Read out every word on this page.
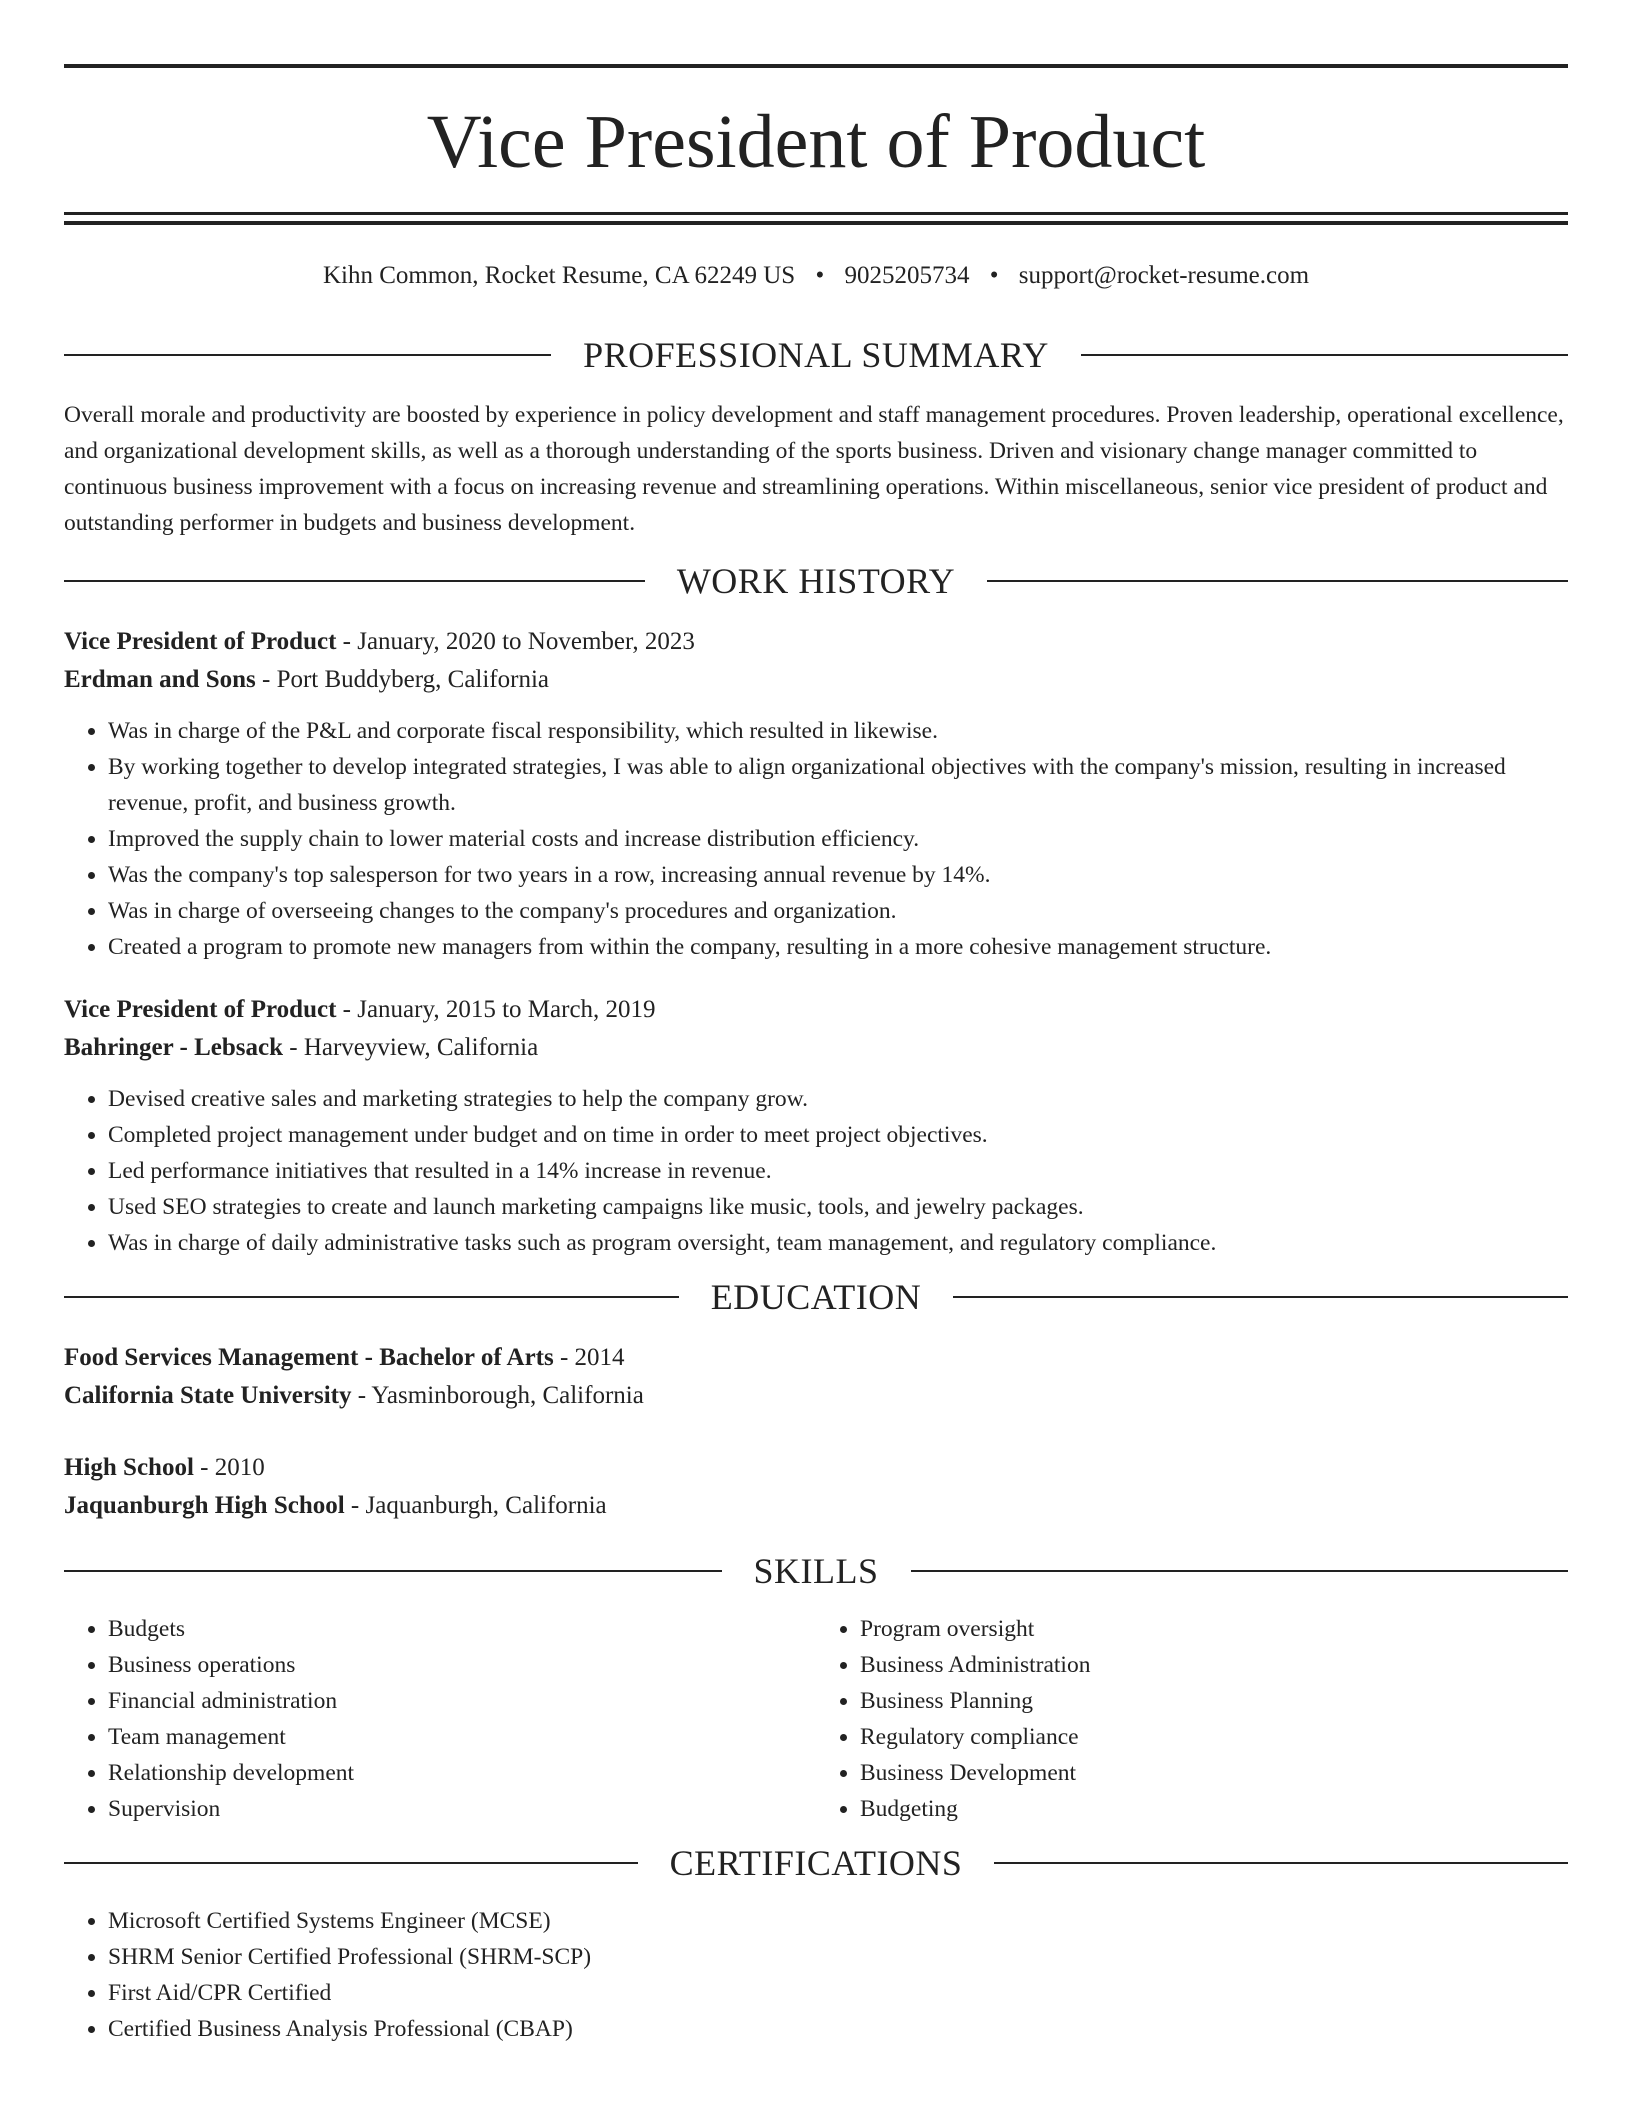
Vice President of Product
Kihn Common, Rocket Resume, CA 62249 US • 9025205734 • support@rocket-resume.com
PROFESSIONAL SUMMARY

Overall morale and productivity are boosted by experience in policy development and staff management procedures. Proven leadership, operational excellence, and organizational development skills, as well as a thorough understanding of the sports business. Driven and visionary change manager committed to continuous business improvement with a focus on increasing revenue and streamlining operations. Within miscellaneous, senior vice president of product and outstanding performer in budgets and business development.

WORK HISTORY
Vice President of Product - January, 2020 to November, 2023
Erdman and Sons - Port Buddyberg, California
• Was in charge of the P&L and corporate fiscal responsibility, which resulted in likewise.
• By working together to develop integrated strategies, I was able to align organizational objectives with the company's mission, resulting in increased revenue, profit, and business growth.
• Improved the supply chain to lower material costs and increase distribution efficiency.
• Was the company's top salesperson for two years in a row, increasing annual revenue by 14%.
• Was in charge of overseeing changes to the company's procedures and organization.
• Created a program to promote new managers from within the company, resulting in a more cohesive management structure.
Vice President of Product - January, 2015 to March, 2019
Bahringer - Lebsack - Harveyview, California
• Devised creative sales and marketing strategies to help the company grow.
• Completed project management under budget and on time in order to meet project objectives.
• Led performance initiatives that resulted in a 14% increase in revenue.
• Used SEO strategies to create and launch marketing campaigns like music, tools, and jewelry packages.
• Was in charge of daily administrative tasks such as program oversight, team management, and regulatory compliance.
EDUCATION
Food Services Management - Bachelor of Arts - 2014
California State University - Yasminborough, California
High School - 2010
Jaquanburgh High School - Jaquanburgh, California
SKILLS
• Budgets
• Business operations
• Financial administration
• Team management
• Relationship development
• Supervision
• Program oversight
• Business Administration
• Business Planning
• Regulatory compliance
• Business Development
• Budgeting
CERTIFICATIONS
• Microsoft Certified Systems Engineer (MCSE)
• SHRM Senior Certified Professional (SHRM-SCP)
• First Aid/CPR Certified
• Certified Business Analysis Professional (CBAP)
